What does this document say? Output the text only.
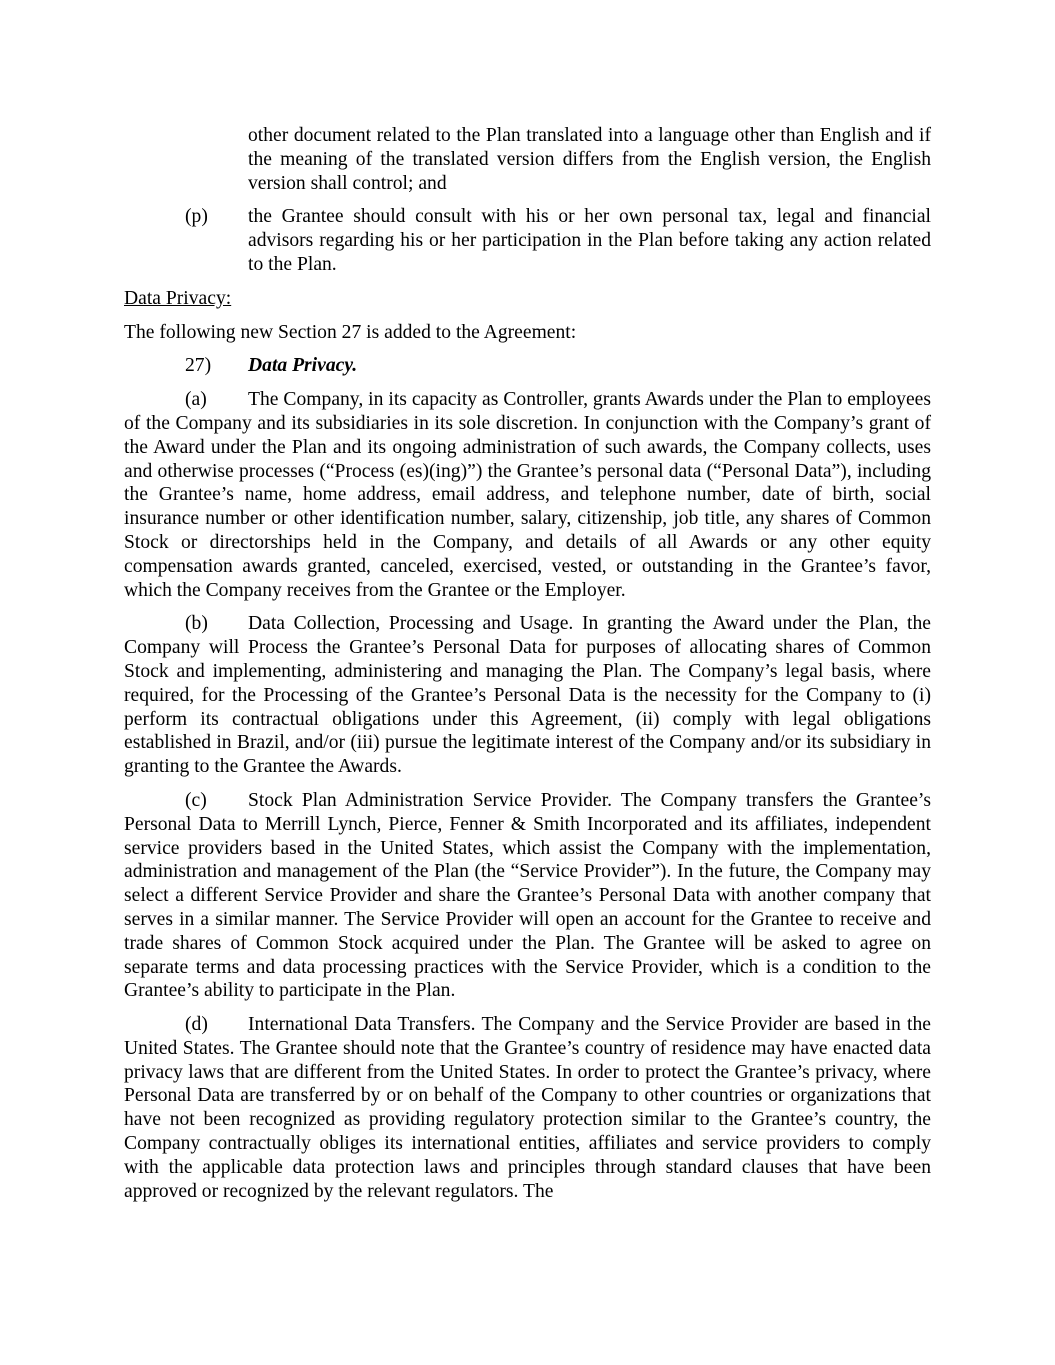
other document related to the Plan translated into a language other than English and if the meaning of the translated version differs from the English version, the English version shall control; and

(p) the Grantee should consult with his or her own personal tax, legal and financial advisors regarding his or her participation in the Plan before taking any action related to the Plan.

Data Privacy:

The following new Section 27 is added to the Agreement:

27) Data Privacy.

(a) The Company, in its capacity as Controller, grants Awards under the Plan to employees of the Company and its subsidiaries in its sole discretion. In conjunction with the Company’s grant of the Award under the Plan and its ongoing administration of such awards, the Company collects, uses and otherwise processes (“Process (es)(ing)”) the Grantee’s personal data (“Personal Data”), including the Grantee’s name, home address, email address, and telephone number, date of birth, social insurance number or other identification number, salary, citizenship, job title, any shares of Common Stock or directorships held in the Company, and details of all Awards or any other equity compensation awards granted, canceled, exercised, vested, or outstanding in the Grantee’s favor, which the Company receives from the Grantee or the Employer.

(b) Data Collection, Processing and Usage. In granting the Award under the Plan, the Company will Process the Grantee’s Personal Data for purposes of allocating shares of Common Stock and implementing, administering and managing the Plan. The Company’s legal basis, where required, for the Processing of the Grantee’s Personal Data is the necessity for the Company to (i) perform its contractual obligations under this Agreement, (ii) comply with legal obligations established in Brazil, and/or (iii) pursue the legitimate interest of the Company and/or its subsidiary in granting to the Grantee the Awards.

(c) Stock Plan Administration Service Provider. The Company transfers the Grantee’s Personal Data to Merrill Lynch, Pierce, Fenner & Smith Incorporated and its affiliates, independent service providers based in the United States, which assist the Company with the implementation, administration and management of the Plan (the “Service Provider”). In the future, the Company may select a different Service Provider and share the Grantee’s Personal Data with another company that serves in a similar manner. The Service Provider will open an account for the Grantee to receive and trade shares of Common Stock acquired under the Plan. The Grantee will be asked to agree on separate terms and data processing practices with the Service Provider, which is a condition to the Grantee’s ability to participate in the Plan.

(d) International Data Transfers. The Company and the Service Provider are based in the United States. The Grantee should note that the Grantee’s country of residence may have enacted data privacy laws that are different from the United States. In order to protect the Grantee’s privacy, where Personal Data are transferred by or on behalf of the Company to other countries or organizations that have not been recognized as providing regulatory protection similar to the Grantee’s country, the Company contractually obliges its international entities, affiliates and service providers to comply with the applicable data protection laws and principles through standard clauses that have been approved or recognized by the relevant regulators. The
